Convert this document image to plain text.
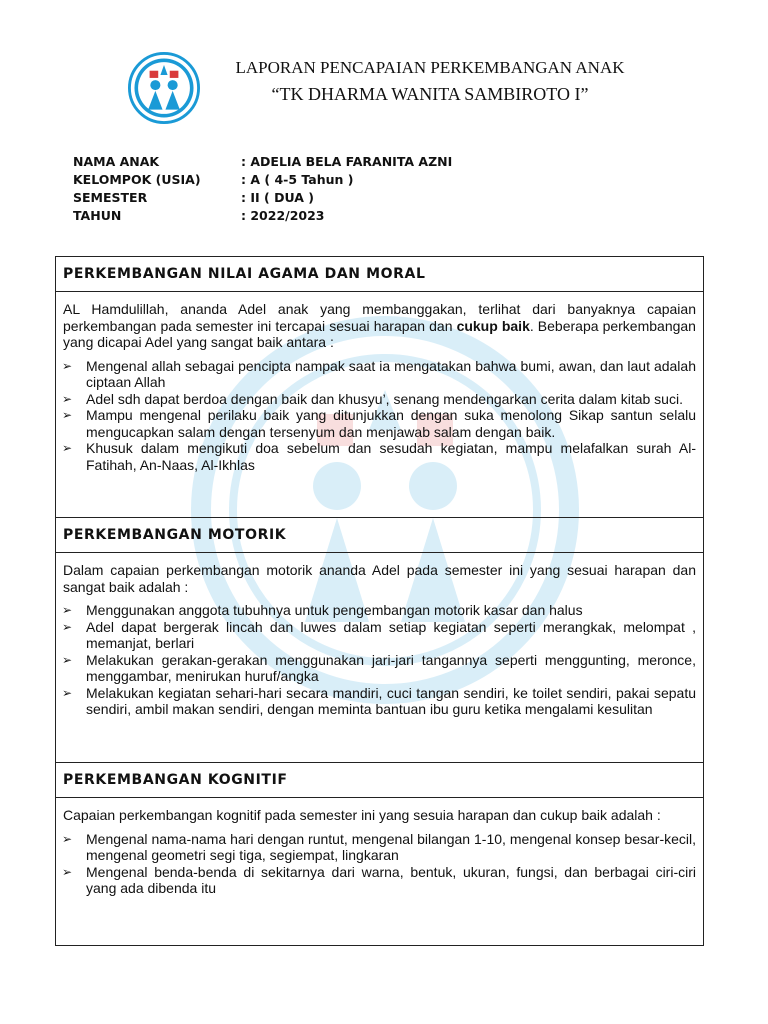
LAPORAN PENCAPAIAN PERKEMBANGAN ANAK
“TK DHARMA WANITA SAMBIROTO I”
NAMA ANAK	: ADELIA BELA FARANITA AZNI
KELOMPOK (USIA)	: A ( 4-5 Tahun )
SEMESTER	: II ( DUA )
TAHUN	: 2022/2023
PERKEMBANGAN NILAI AGAMA DAN MORAL

AL Hamdulillah, ananda Adel anak yang membanggakan, terlihat dari banyaknya capaian perkembangan pada semester ini tercapai sesuai harapan dan cukup baik. Beberapa perkembangan yang dicapai Adel yang sangat baik antara :

➢ Mengenal allah sebagai pencipta nampak saat ia mengatakan bahwa bumi, awan, dan laut adalah ciptaan Allah
➢ Adel sdh dapat berdoa dengan baik dan khusyu’, senang mendengarkan cerita dalam kitab suci.
➢ Mampu mengenal perilaku baik yang ditunjukkan dengan suka menolong Sikap santun selalu mengucapkan salam dengan tersenyum dan menjawab salam dengan baik.
➢ Khusuk dalam mengikuti doa sebelum dan sesudah kegiatan, mampu melafalkan surah Al-Fatihah, An-Naas, Al-Ikhlas
PERKEMBANGAN MOTORIK

Dalam capaian perkembangan motorik ananda Adel pada semester ini yang sesuai harapan dan sangat baik adalah :

➢ Menggunakan anggota tubuhnya untuk pengembangan motorik kasar dan halus
➢ Adel dapat bergerak lincah dan luwes dalam setiap kegiatan seperti merangkak, melompat , memanjat, berlari
➢ Melakukan gerakan-gerakan menggunakan jari-jari tangannya seperti menggunting, meronce, menggambar, menirukan huruf/angka
➢ Melakukan kegiatan sehari-hari secara mandiri, cuci tangan sendiri, ke toilet sendiri, pakai sepatu sendiri, ambil makan sendiri, dengan meminta bantuan ibu guru ketika mengalami kesulitan
PERKEMBANGAN KOGNITIF

Capaian perkembangan kognitif pada semester ini yang sesuia harapan dan cukup baik adalah :

➢ Mengenal nama-nama hari dengan runtut, mengenal bilangan 1-10, mengenal konsep besar-kecil, mengenal geometri segi tiga, segiempat, lingkaran
➢ Mengenal benda-benda di sekitarnya dari warna, bentuk, ukuran, fungsi, dan berbagai ciri-ciri yang ada dibenda itu
